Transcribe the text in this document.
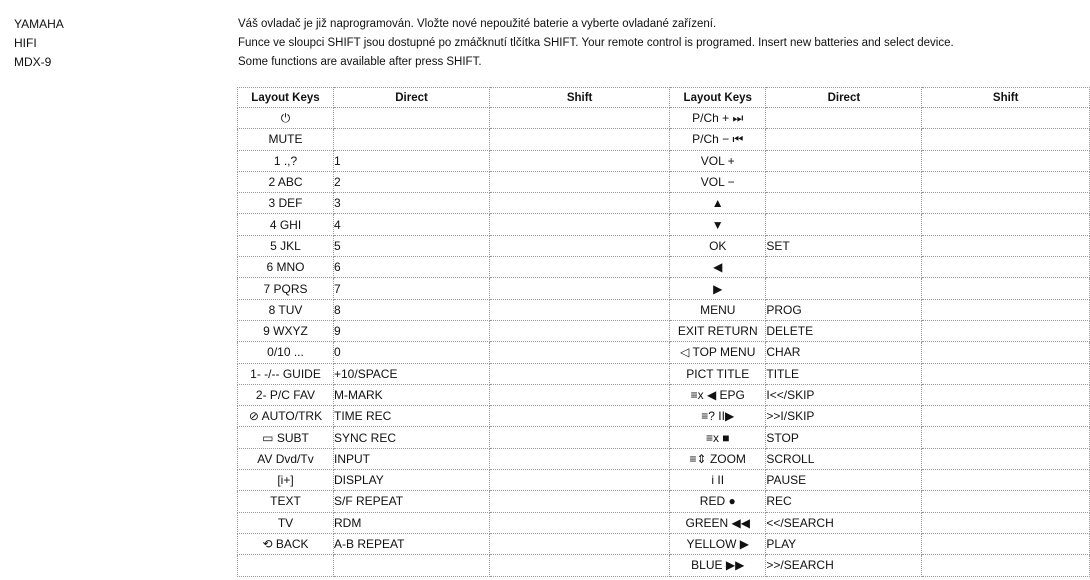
YAMAHA
HIFI
MDX-9
Váš ovladač je již naprogramován. Vložte nové nepoužité baterie a vyberte ovladané zařízení.
Funce ve sloupci SHIFT jsou dostupné po zmáčknutí tlčítka SHIFT. Your remote control is programed. Insert new batteries and select device.
Some functions are available after press SHIFT.
Layout Keys	Direct	Shift	Layout Keys	Direct	Shift
⏻			P/Ch + ⏭		
MUTE			P/Ch − ⏮		
1 .,?	1		VOL +		
2 ABC	2		VOL −		
3 DEF	3		▲		
4 GHI	4		▼		
5 JKL	5		OK	SET	
6 MNO	6		◀		
7 PQRS	7		▶		
8 TUV	8		MENU	PROG	
9 WXYZ	9		EXIT RETURN	DELETE	
0/10 ...	0		◁ TOP MENU	CHAR	
1- -/-- GUIDE	+10/SPACE		PICT TITLE	TITLE	
2- P/C FAV	M-MARK		≡x ◀ EPG	I<</SKIP	
⊘ AUTO/TRK	TIME REC		≡? II▶	>>I/SKIP	
▭ SUBT	SYNC REC		≡x ■	STOP	
AV Dvd/Tv	INPUT		≡⇕ ZOOM	SCROLL	
[i+]	DISPLAY		i II	PAUSE	
TEXT	S/F REPEAT		RED ●	REC	
TV	RDM		GREEN ◀◀	<</SEARCH	
⟲ BACK	A-B REPEAT		YELLOW ▶	PLAY	
			BLUE ▶▶	>>/SEARCH	
